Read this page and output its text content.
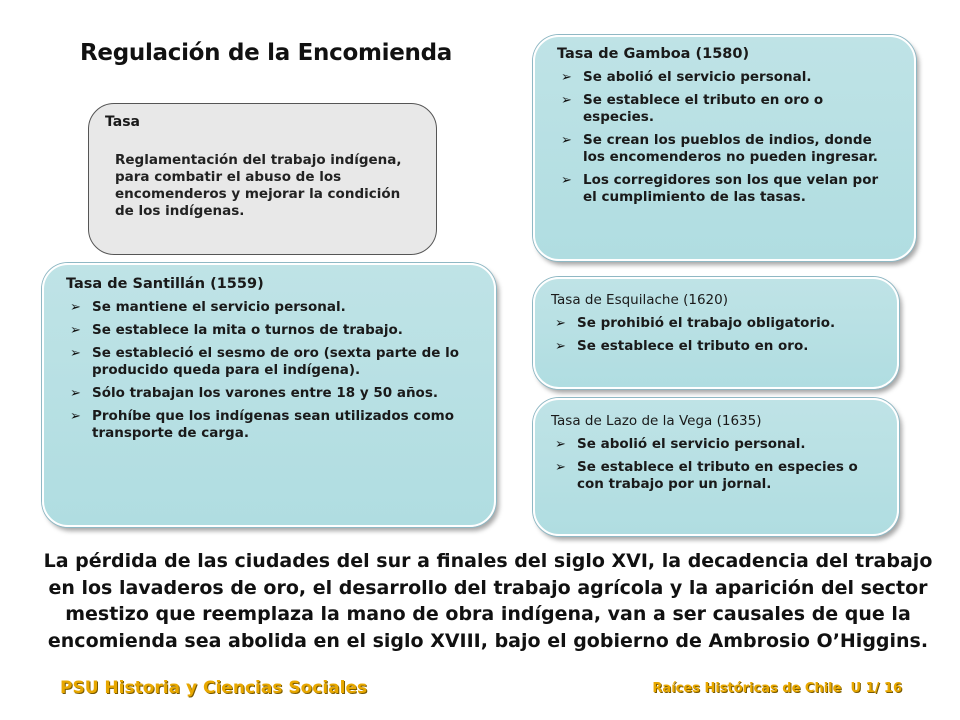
Regulación de la Encomienda
Tasa
Reglamentación del trabajo indígena, para combatir el abuso de los encomenderos y mejorar la condición de los indígenas.
Tasa de Santillán (1559)
➢ Se mantiene el servicio personal.
➢ Se establece la mita o turnos de trabajo.
➢ Se estableció el sesmo de oro (sexta parte de lo producido queda para el indígena).
➢ Sólo trabajan los varones entre 18 y 50 años.
➢ Prohíbe que los indígenas sean utilizados como transporte de carga.
Tasa de Gamboa (1580)
➢ Se abolió el servicio personal.
➢ Se establece el tributo en oro o especies.
➢ Se crean los pueblos de indios, donde los encomenderos no pueden ingresar.
➢ Los corregidores son los que velan por el cumplimiento de las tasas.
Tasa de Esquilache (1620)
➢ Se prohibió el trabajo obligatorio.
➢ Se establece el tributo en oro.
Tasa de Lazo de la Vega (1635)
➢ Se abolió el servicio personal.
➢ Se establece el tributo en especies o con trabajo por un jornal.
La pérdida de las ciudades del sur a finales del siglo XVI, la decadencia del trabajo en los lavaderos de oro, el desarrollo del trabajo agrícola y la aparición del sector mestizo que reemplaza la mano de obra indígena, van a ser causales de que la encomienda sea abolida en el siglo XVIII, bajo el gobierno de Ambrosio O’Higgins.
PSU Historia y Ciencias Sociales	Raíces Históricas de Chile  U 1/ 16
